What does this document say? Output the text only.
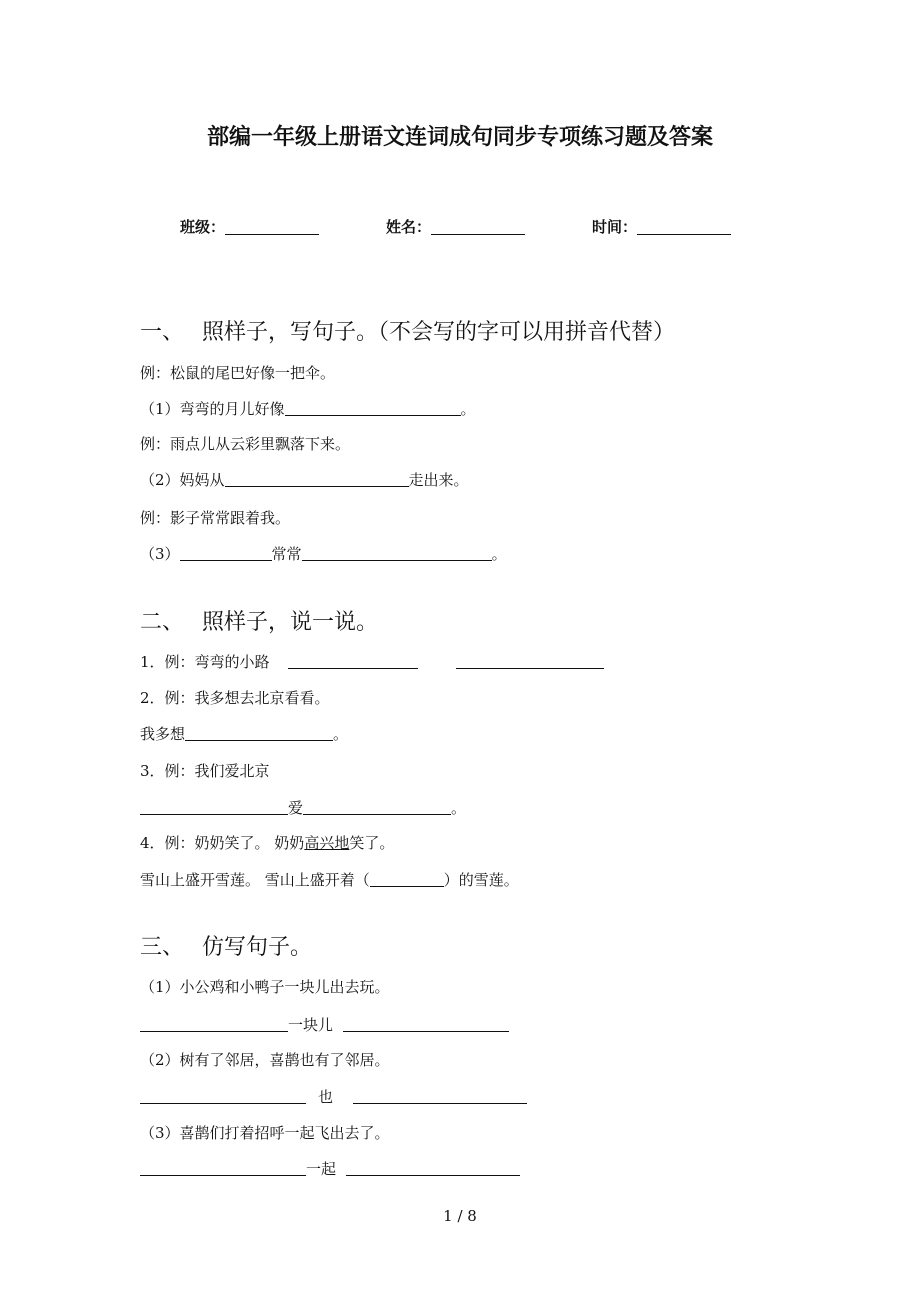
部编一年级上册语文连词成句同步专项练习题及答案
班级：	姓名：	时间：
一、 照样子，写句子。（不会写的字可以用拼音代替）
例：松鼠的尾巴好像一把伞。
（1）弯弯的月儿好像	。
例：雨点儿从云彩里飘落下来。
（2）妈妈从	走出来。
例：影子常常跟着我。
（3）	常常	。
二、 照样子，说一说。
1．例：弯弯的小路
2．例：我多想去北京看看。
我多想	。
3．例：我们爱北京
爱	。
4．例：奶奶笑了。 奶奶高兴地笑了。
雪山上盛开雪莲。 雪山上盛开着（	）的雪莲。
三、 仿写句子。
（1）小公鸡和小鸭子一块儿出去玩。
一块儿
（2）树有了邻居，喜鹊也有了邻居。
也
（3）喜鹊们打着招呼一起飞出去了。
一起
1 / 8
